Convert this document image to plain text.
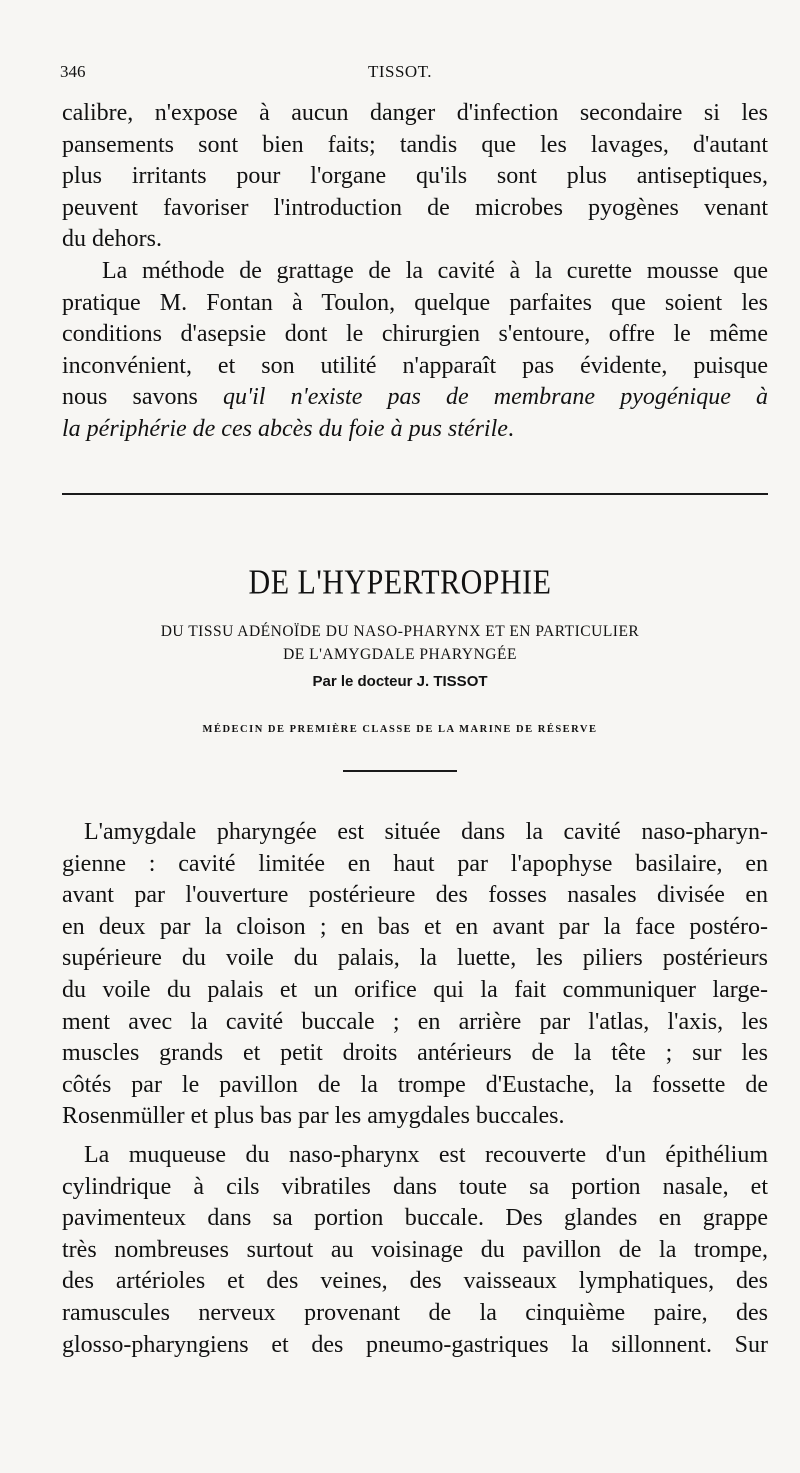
346	TISSOT.
calibre, n'expose à aucun danger d'infection secondaire si les
pansements sont bien faits; tandis que les lavages, d'autant
plus irritants pour l'organe qu'ils sont plus antiseptiques,
peuvent favoriser l'introduction de microbes pyogènes venant
du dehors.
La méthode de grattage de la cavité à la curette mousse que
pratique M. Fontan à Toulon, quelque parfaites que soient les
conditions d'asepsie dont le chirurgien s'entoure, offre le même
inconvénient, et son utilité n'apparaît pas évidente, puisque
nous savons qu'il n'existe pas de membrane pyogénique à
la périphérie de ces abcès du foie à pus stérile.
DE L'HYPERTROPHIE
DU TISSU ADÉNOÏDE DU NASO-PHARYNX ET EN PARTICULIER
DE L'AMYGDALE PHARYNGÉE
Par le docteur J. TISSOT
MÉDECIN DE PREMIÈRE CLASSE DE LA MARINE DE RÉSERVE
L'amygdale pharyngée est située dans la cavité naso-pharyn-
gienne : cavité limitée en haut par l'apophyse basilaire, en
avant par l'ouverture postérieure des fosses nasales divisée en
en deux par la cloison ; en bas et en avant par la face postéro-
supérieure du voile du palais, la luette, les piliers postérieurs
du voile du palais et un orifice qui la fait communiquer large-
ment avec la cavité buccale ; en arrière par l'atlas, l'axis, les
muscles grands et petit droits antérieurs de la tête ; sur les
côtés par le pavillon de la trompe d'Eustache, la fossette de
Rosenmüller et plus bas par les amygdales buccales.
La muqueuse du naso-pharynx est recouverte d'un épithélium
cylindrique à cils vibratiles dans toute sa portion nasale, et
pavimenteux dans sa portion buccale. Des glandes en grappe
très nombreuses surtout au voisinage du pavillon de la trompe,
des artérioles et des veines, des vaisseaux lymphatiques, des
ramuscules nerveux provenant de la cinquième paire, des
glosso-pharyngiens et des pneumo-gastriques la sillonnent. Sur
